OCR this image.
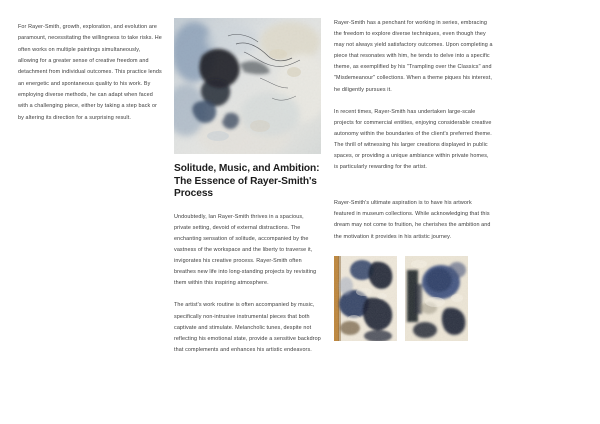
For Rayer-Smith, growth, exploration, and evolution are paramount, necessitating the willingness to take risks. He often works on multiple paintings simultaneously, allowing for a greater sense of creative freedom and detachment from individual outcomes. This practice lends an energetic and spontaneous quality to his work. By employing diverse methods, he can adapt when faced with a challenging piece, either by taking a step back or by altering its direction for a surprising result.

Solitude, Music, and Ambition: The Essence of Rayer-Smith's Process

Undoubtedly, Ian Rayer-Smith thrives in a spacious, private setting, devoid of external distractions. The enchanting sensation of solitude, accompanied by the vastness of the workspace and the liberty to traverse it, invigorates his creative process. Rayer-Smith often breathes new life into long-standing projects by revisiting them within this inspiring atmosphere.

The artist's work routine is often accompanied by music, specifically non-intrusive instrumental pieces that both captivate and stimulate. Melancholic tunes, despite not reflecting his emotional state, provide a sensitive backdrop that complements and enhances his artistic endeavors.

Rayer-Smith has a penchant for working in series, embracing the freedom to explore diverse techniques, even though they may not always yield satisfactory outcomes. Upon completing a piece that resonates with him, he tends to delve into a specific theme, as exemplified by his "Trampling over the Classics" and "Misdemeanour" collections. When a theme piques his interest, he diligently pursues it.

In recent times, Rayer-Smith has undertaken large-scale projects for commercial entities, enjoying considerable creative autonomy within the boundaries of the client's preferred theme. The thrill of witnessing his larger creations displayed in public spaces, or providing a unique ambiance within private homes, is particularly rewarding for the artist.

Rayer-Smith's ultimate aspiration is to have his artwork featured in museum collections. While acknowledging that this dream may not come to fruition, he cherishes the ambition and the motivation it provides in his artistic journey.
